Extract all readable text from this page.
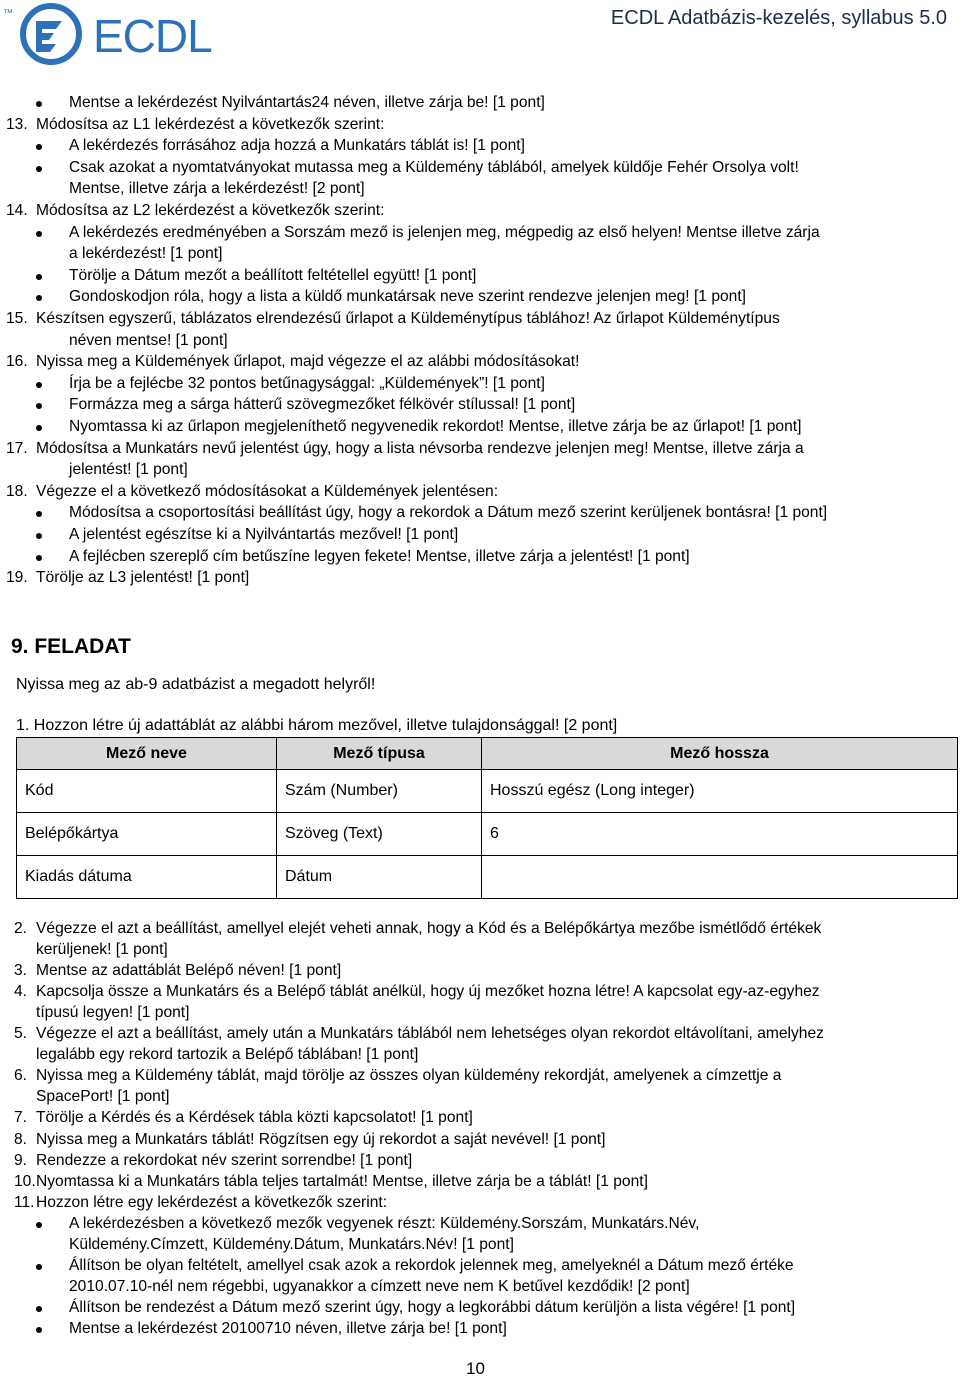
™ ECDL	ECDL Adatbázis-kezelés, syllabus 5.0
Mentse a lekérdezést Nyilvántartás24 néven, illetve zárja be! [1 pont]
13. Módosítsa az L1 lekérdezést a következők szerint:
A lekérdezés forrásához adja hozzá a Munkatárs táblát is! [1 pont]
Csak azokat a nyomtatványokat mutassa meg a Küldemény táblából, amelyek küldője Fehér Orsolya volt!
Mentse, illetve zárja a lekérdezést! [2 pont]
14. Módosítsa az L2 lekérdezést a következők szerint:
A lekérdezés eredményében a Sorszám mező is jelenjen meg, mégpedig az első helyen! Mentse illetve zárja
a lekérdezést! [1 pont]
Törölje a Dátum mezőt a beállított feltétellel együtt! [1 pont]
Gondoskodjon róla, hogy a lista a küldő munkatársak neve szerint rendezve jelenjen meg! [1 pont]
15. Készítsen egyszerű, táblázatos elrendezésű űrlapot a Küldeménytípus táblához! Az űrlapot Küldeménytípus
néven mentse! [1 pont]
16. Nyissa meg a Küldemények űrlapot, majd végezze el az alábbi módosításokat!
Írja be a fejlécbe 32 pontos betűnagysággal: „Küldemények”! [1 pont]
Formázza meg a sárga hátterű szövegmezőket félkövér stílussal! [1 pont]
Nyomtassa ki az űrlapon megjeleníthető negyvenedik rekordot! Mentse, illetve zárja be az űrlapot! [1 pont]
17. Módosítsa a Munkatárs nevű jelentést úgy, hogy a lista névsorba rendezve jelenjen meg! Mentse, illetve zárja a
jelentést! [1 pont]
18. Végezze el a következő módosításokat a Küldemények jelentésen:
Módosítsa a csoportosítási beállítást úgy, hogy a rekordok a Dátum mező szerint kerüljenek bontásra! [1 pont]
A jelentést egészítse ki a Nyilvántartás mezővel! [1 pont]
A fejlécben szereplő cím betűszíne legyen fekete! Mentse, illetve zárja a jelentést! [1 pont]
19. Törölje az L3 jelentést! [1 pont]
9. FELADAT
Nyissa meg az ab-9 adatbázist a megadott helyről!
1. Hozzon létre új adattáblát az alábbi három mezővel, illetve tulajdonsággal! [2 pont]
Mező neve	Mező típusa	Mező hossza
Kód	Szám (Number)	Hosszú egész (Long integer)
Belépőkártya	Szöveg (Text)	6
Kiadás dátuma	Dátum	
2. Végezze el azt a beállítást, amellyel elejét veheti annak, hogy a Kód és a Belépőkártya mezőbe ismétlődő értékek
kerüljenek! [1 pont]
3. Mentse az adattáblát Belépő néven! [1 pont]
4. Kapcsolja össze a Munkatárs és a Belépő táblát anélkül, hogy új mezőket hozna létre! A kapcsolat egy-az-egyhez
típusú legyen! [1 pont]
5. Végezze el azt a beállítást, amely után a Munkatárs táblából nem lehetséges olyan rekordot eltávolítani, amelyhez
legalább egy rekord tartozik a Belépő táblában! [1 pont]
6. Nyissa meg a Küldemény táblát, majd törölje az összes olyan küldemény rekordját, amelyenek a címzettje a
SpacePort! [1 pont]
7. Törölje a Kérdés és a Kérdések tábla közti kapcsolatot! [1 pont]
8. Nyissa meg a Munkatárs táblát! Rögzítsen egy új rekordot a saját nevével! [1 pont]
9. Rendezze a rekordokat név szerint sorrendbe! [1 pont]
10. Nyomtassa ki a Munkatárs tábla teljes tartalmát! Mentse, illetve zárja be a táblát! [1 pont]
11. Hozzon létre egy lekérdezést a következők szerint:
A lekérdezésben a következő mezők vegyenek részt: Küldemény.Sorszám, Munkatárs.Név,
Küldemény.Címzett, Küldemény.Dátum, Munkatárs.Név! [1 pont]
Állítson be olyan feltételt, amellyel csak azok a rekordok jelennek meg, amelyeknél a Dátum mező értéke
2010.07.10-nél nem régebbi, ugyanakkor a címzett neve nem K betűvel kezdődik! [2 pont]
Állítson be rendezést a Dátum mező szerint úgy, hogy a legkorábbi dátum kerüljön a lista végére! [1 pont]
Mentse a lekérdezést 20100710 néven, illetve zárja be! [1 pont]
10
